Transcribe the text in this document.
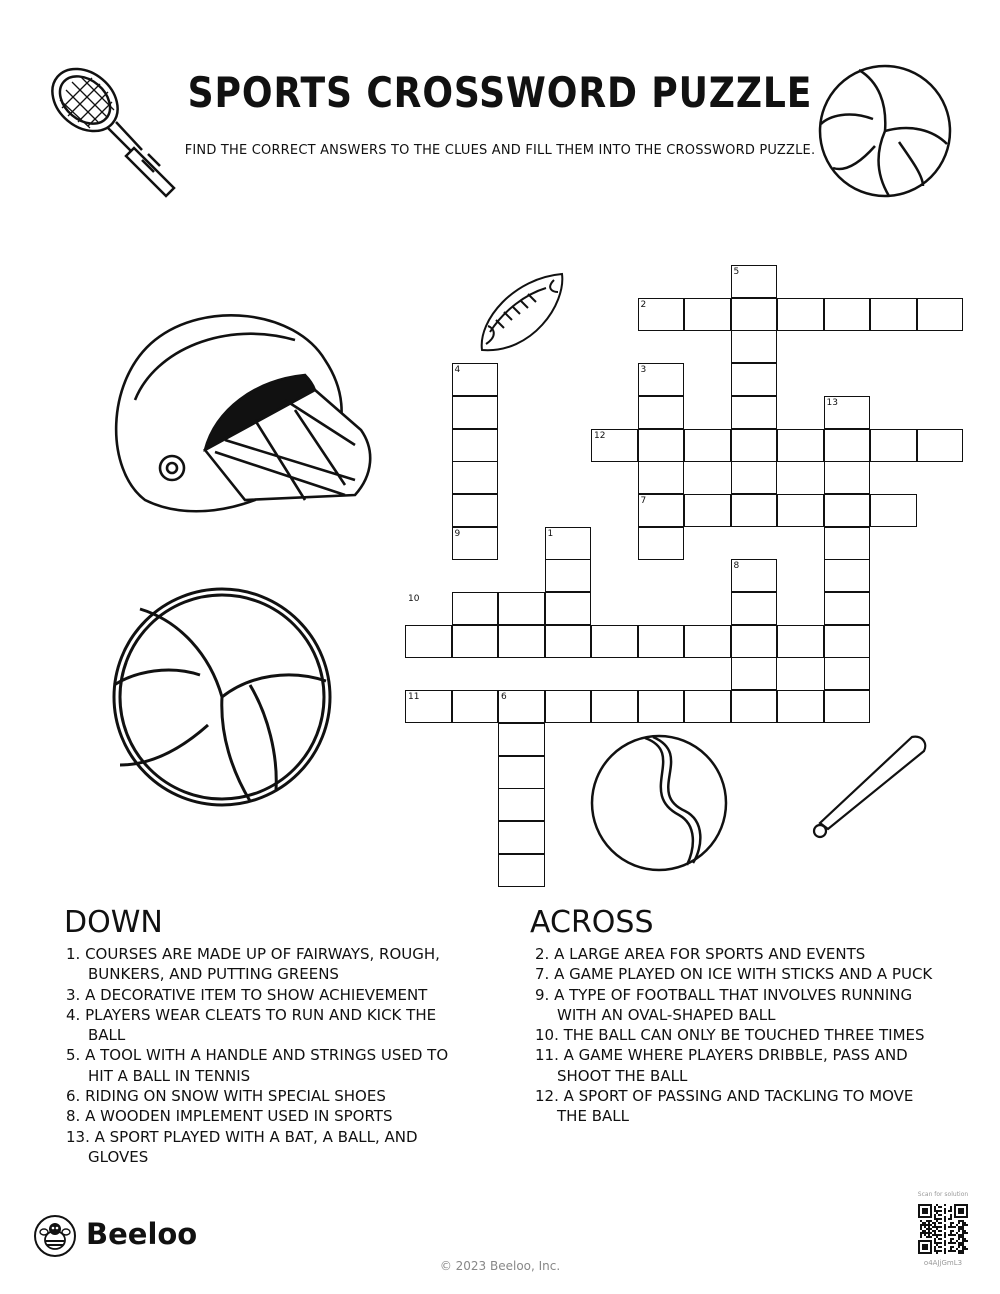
SPORTS CROSSWORD PUZZLE
FIND THE CORRECT ANSWERS TO THE CLUES AND FILL THEM INTO THE CROSSWORD PUZZLE.
1
2
3
4
5
6
7
8
9
10
11
12
13
DOWN

1. COURSES ARE MADE UP OF FAIRWAYS, ROUGH, BUNKERS, AND PUTTING GREENS

3. A DECORATIVE ITEM TO SHOW ACHIEVEMENT

4. PLAYERS WEAR CLEATS TO RUN AND KICK THE BALL

5. A TOOL WITH A HANDLE AND STRINGS USED TO HIT A BALL IN TENNIS

6. RIDING ON SNOW WITH SPECIAL SHOES

8. A WOODEN IMPLEMENT USED IN SPORTS

13. A SPORT PLAYED WITH A BAT, A BALL, AND GLOVES

ACROSS

2. A LARGE AREA FOR SPORTS AND EVENTS

7. A GAME PLAYED ON ICE WITH STICKS AND A PUCK

9. A TYPE OF FOOTBALL THAT INVOLVES RUNNING WITH AN OVAL-SHAPED BALL

10. THE BALL CAN ONLY BE TOUCHED THREE TIMES

11. A GAME WHERE PLAYERS DRIBBLE, PASS AND SHOOT THE BALL

12. A SPORT OF PASSING AND TACKLING TO MOVE THE BALL

Beeloo
© 2023 Beeloo, Inc.
Scan for solution
o4AJjGmL3
